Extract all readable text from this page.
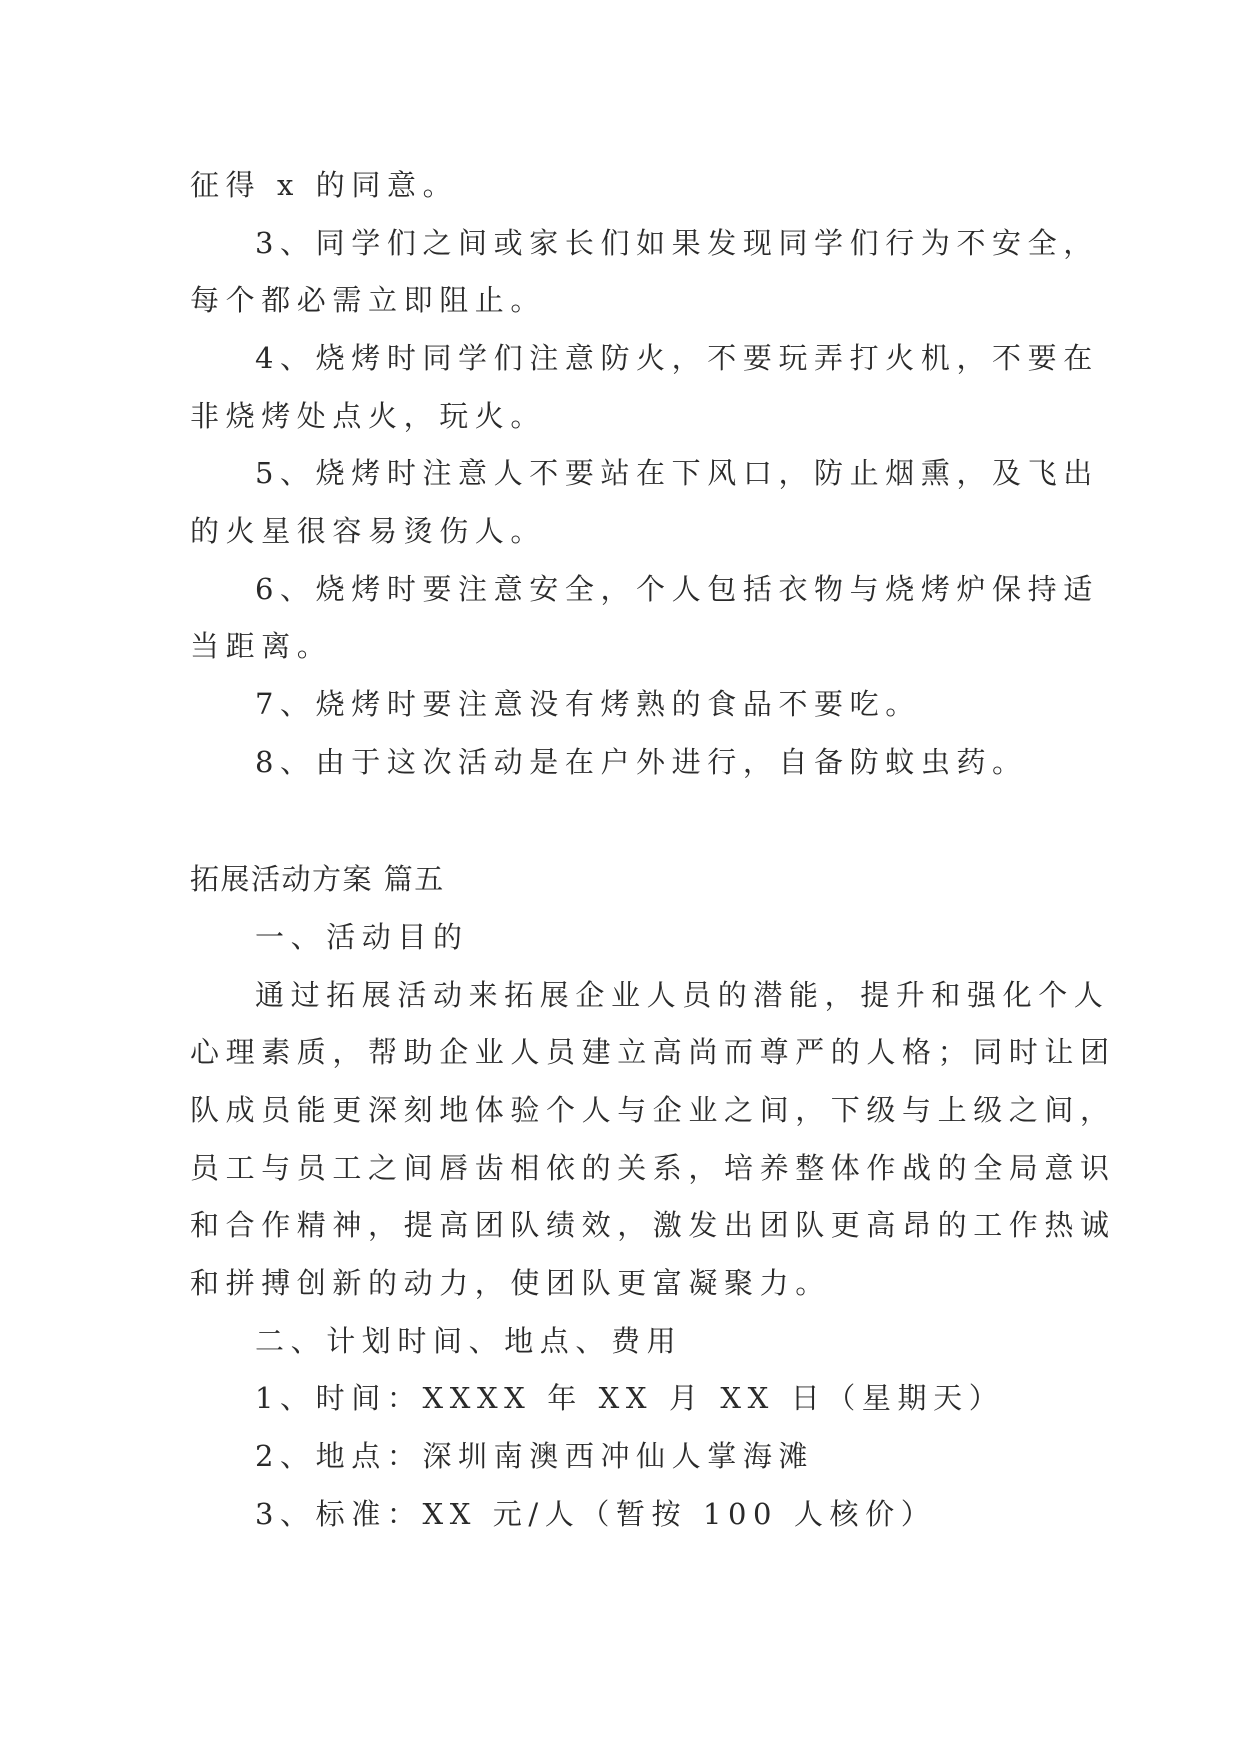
征得 x 的同意。
3、同学们之间或家长们如果发现同学们行为不安全，
每个都必需立即阻止。
4、烧烤时同学们注意防火，不要玩弄打火机，不要在
非烧烤处点火，玩火。
5、烧烤时注意人不要站在下风口，防止烟熏，及飞出
的火星很容易烫伤人。
6、烧烤时要注意安全，个人包括衣物与烧烤炉保持适
当距离。
7、烧烤时要注意没有烤熟的食品不要吃。
8、由于这次活动是在户外进行，自备防蚊虫药。
拓展活动方案 篇五
一、活动目的
通过拓展活动来拓展企业人员的潜能，提升和强化个人
心理素质，帮助企业人员建立高尚而尊严的人格；同时让团
队成员能更深刻地体验个人与企业之间，下级与上级之间，
员工与员工之间唇齿相依的关系，培养整体作战的全局意识
和合作精神，提高团队绩效，激发出团队更高昂的工作热诚
和拼搏创新的动力，使团队更富凝聚力。
二、计划时间、地点、费用
1、时间：XXXX 年 XX 月 XX 日（星期天）
2、地点：深圳南澳西冲仙人掌海滩
3、标准：XX 元/人（暂按 100 人核价）
